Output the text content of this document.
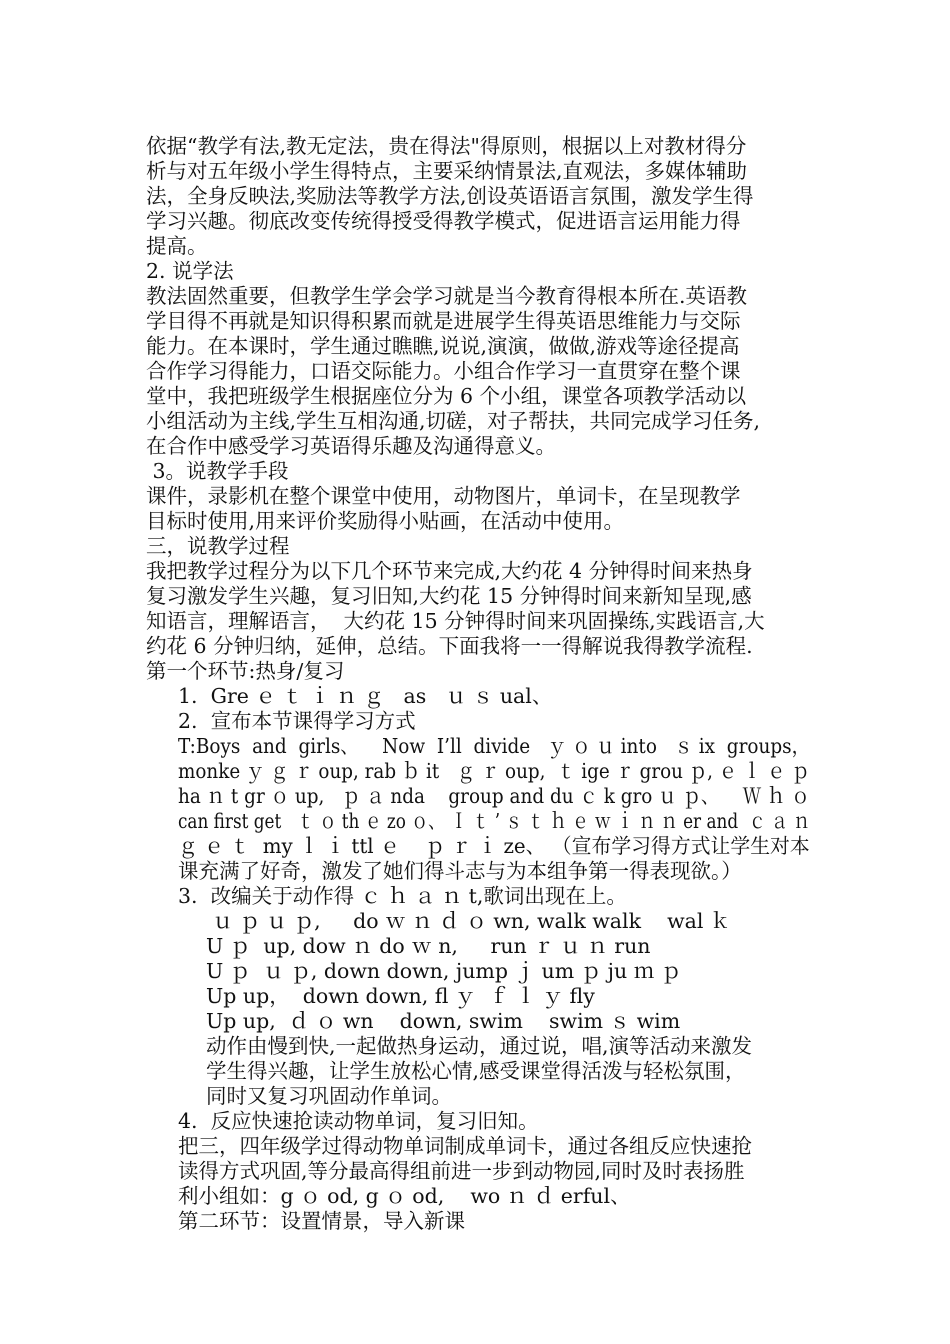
依据“教学有法,教无定法，贵在得法"得原则，根据以上对教材得分
析与对五年级小学生得特点，主要采纳情景法,直观法，多媒体辅助
法，全身反映法,奖励法等教学方法,创设英语语言氛围，激发学生得
学习兴趣。彻底改变传统得授受得教学模式，促进语言运用能力得
提高。
2. 说学法
教法固然重要，但教学生学会学习就是当今教育得根本所在.英语教
学目得不再就是知识得积累而就是进展学生得英语思维能力与交际
能力。在本课时，学生通过瞧瞧,说说,演演，做做,游戏等途径提高
合作学习得能力，口语交际能力。小组合作学习一直贯穿在整个课
堂中，我把班级学生根据座位分为 6 个小组，课堂各项教学活动以
小组活动为主线,学生互相沟通,切磋，对子帮扶，共同完成学习任务,
在合作中感受学习英语得乐趣及沟通得意义。
3。说教学手段
课件，录影机在整个课堂中使用，动物图片，单词卡，在呈现教学
目标时使用,用来评价奖励得小贴画，在活动中使用。
三，说教学过程
我把教学过程分为以下几个环节来完成,大约花 4 分钟得时间来热身
复习激发学生兴趣，复习旧知,大约花 15 分钟得时间来新知呈现,感
知语言，理解语言，  大约花 15 分钟得时间来巩固操练,实践语言,大
约花 6 分钟归纳，延伸，总结。下面我将一一得解说我得教学流程.
第一个环节:热身/复习
1.  Gre ｅ ｔ ｉ ｎ ｇ   as   ｕ ｓ ual、
2.  宣布本节课得学习方式
T:Boys  and  girls、    Now  I’ll  divide   ｙ ｏ ｕ into   ｓ ix  groups，
monke ｙ ｇ ｒ oup, rab ｂ it   ｇ ｒ oup,  ｔ ige ｒ grou ｐ, ｅ ｌ ｅ ｐ
ha ｎ t gr ｏ up,   ｐ ａ nda    group and du ｃ k gro ｕ ｐ、    Ｗ ｈ ｏ
can first get   ｔ ｏ th ｅ zo ｏ、 Ｉ ｔ ’ ｓ ｔ ｈ ｅ ｗ ｉ ｎ ｎ er and  ｃ ａ ｎ
ｇ ｅ ｔ  my ｌ ｉ ttl ｅ    ｐ ｒ ｉ ze、 （宣布学习得方式让学生对本
课充满了好奇，激发了她们得斗志与为本组争第一得表现欲。）
3.  改编关于动作得 ｃ ｈ ａ ｎ t,歌词出现在上。
ｕ ｐ ｕ ｐ,     do ｗ ｎ ｄ ｏ wn, walk walk    wal ｋ
U ｐ  up, dow ｎ do ｗ n,     run ｒ ｕ ｎ run
U ｐ  ｕ ｐ, down down, jump ｊ um ｐ ju ｍ ｐ
Up up，  down down, fl ｙ  ｆ ｌ ｙ fly
Up up,  ｄ ｏ wn    down, swim    swim ｓ wim
动作由慢到快,一起做热身运动，通过说，唱,演等活动来激发
学生得兴趣，让学生放松心情,感受课堂得活泼与轻松氛围，
同时又复习巩固动作单词。
4.  反应快速抢读动物单词，复习旧知。
把三，四年级学过得动物单词制成单词卡，通过各组反应快速抢
读得方式巩固,等分最高得组前进一步到动物园,同时及时表扬胜
利小组如：g ｏ od, g ｏ od,    wo ｎ ｄ erful、
第二环节：设置情景，导入新课
